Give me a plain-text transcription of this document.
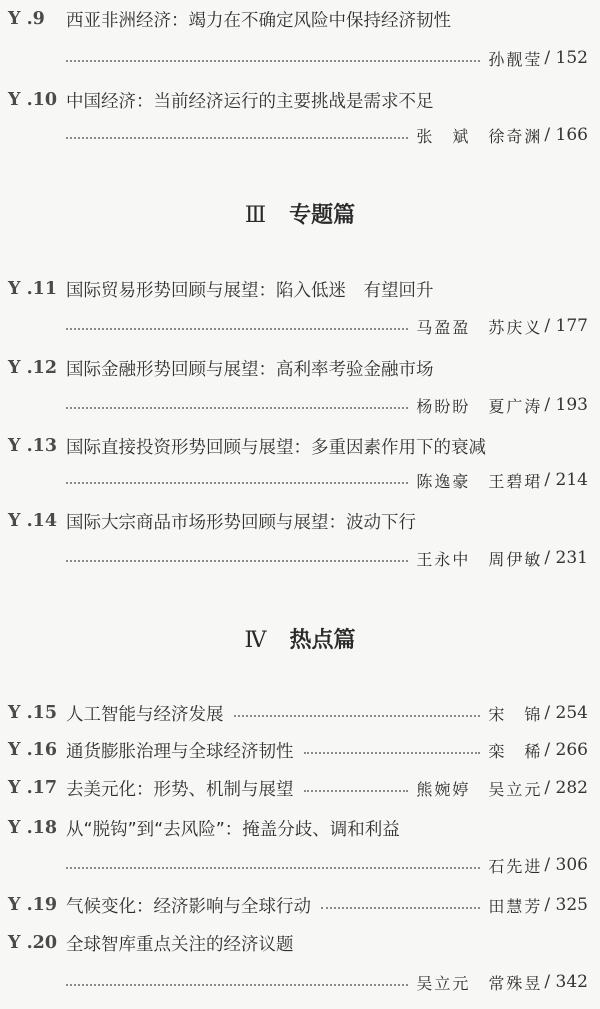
Y .9	西亚非洲经济：竭力在不确定风险中保持经济韧性
孙靓莹 / 152
Y .10 中国经济：当前经济运行的主要挑战是需求不足
张　斌　徐奇渊 / 166
Ⅲ 专题篇
Y .11 国际贸易形势回顾与展望：陷入低迷　有望回升
马盈盈　苏庆义 / 177
Y .12 国际金融形势回顾与展望：高利率考验金融市场
杨盼盼　夏广涛 / 193
Y .13 国际直接投资形势回顾与展望：多重因素作用下的衰减
陈逸豪　王碧珺 / 214
Y .14 国际大宗商品市场形势回顾与展望：波动下行
王永中　周伊敏 / 231
Ⅳ 热点篇
Y .15 人工智能与经济发展	宋　锦 / 254
Y .16 通货膨胀治理与全球经济韧性	栾　稀 / 266
Y .17 去美元化：形势、机制与展望	熊婉婷　吴立元 / 282
Y .18 从“脱钩”到“去风险”：掩盖分歧、调和利益
石先进 / 306
Y .19 气候变化：经济影响与全球行动	田慧芳 / 325
Y .20 全球智库重点关注的经济议题
吴立元　常殊昱 / 342
